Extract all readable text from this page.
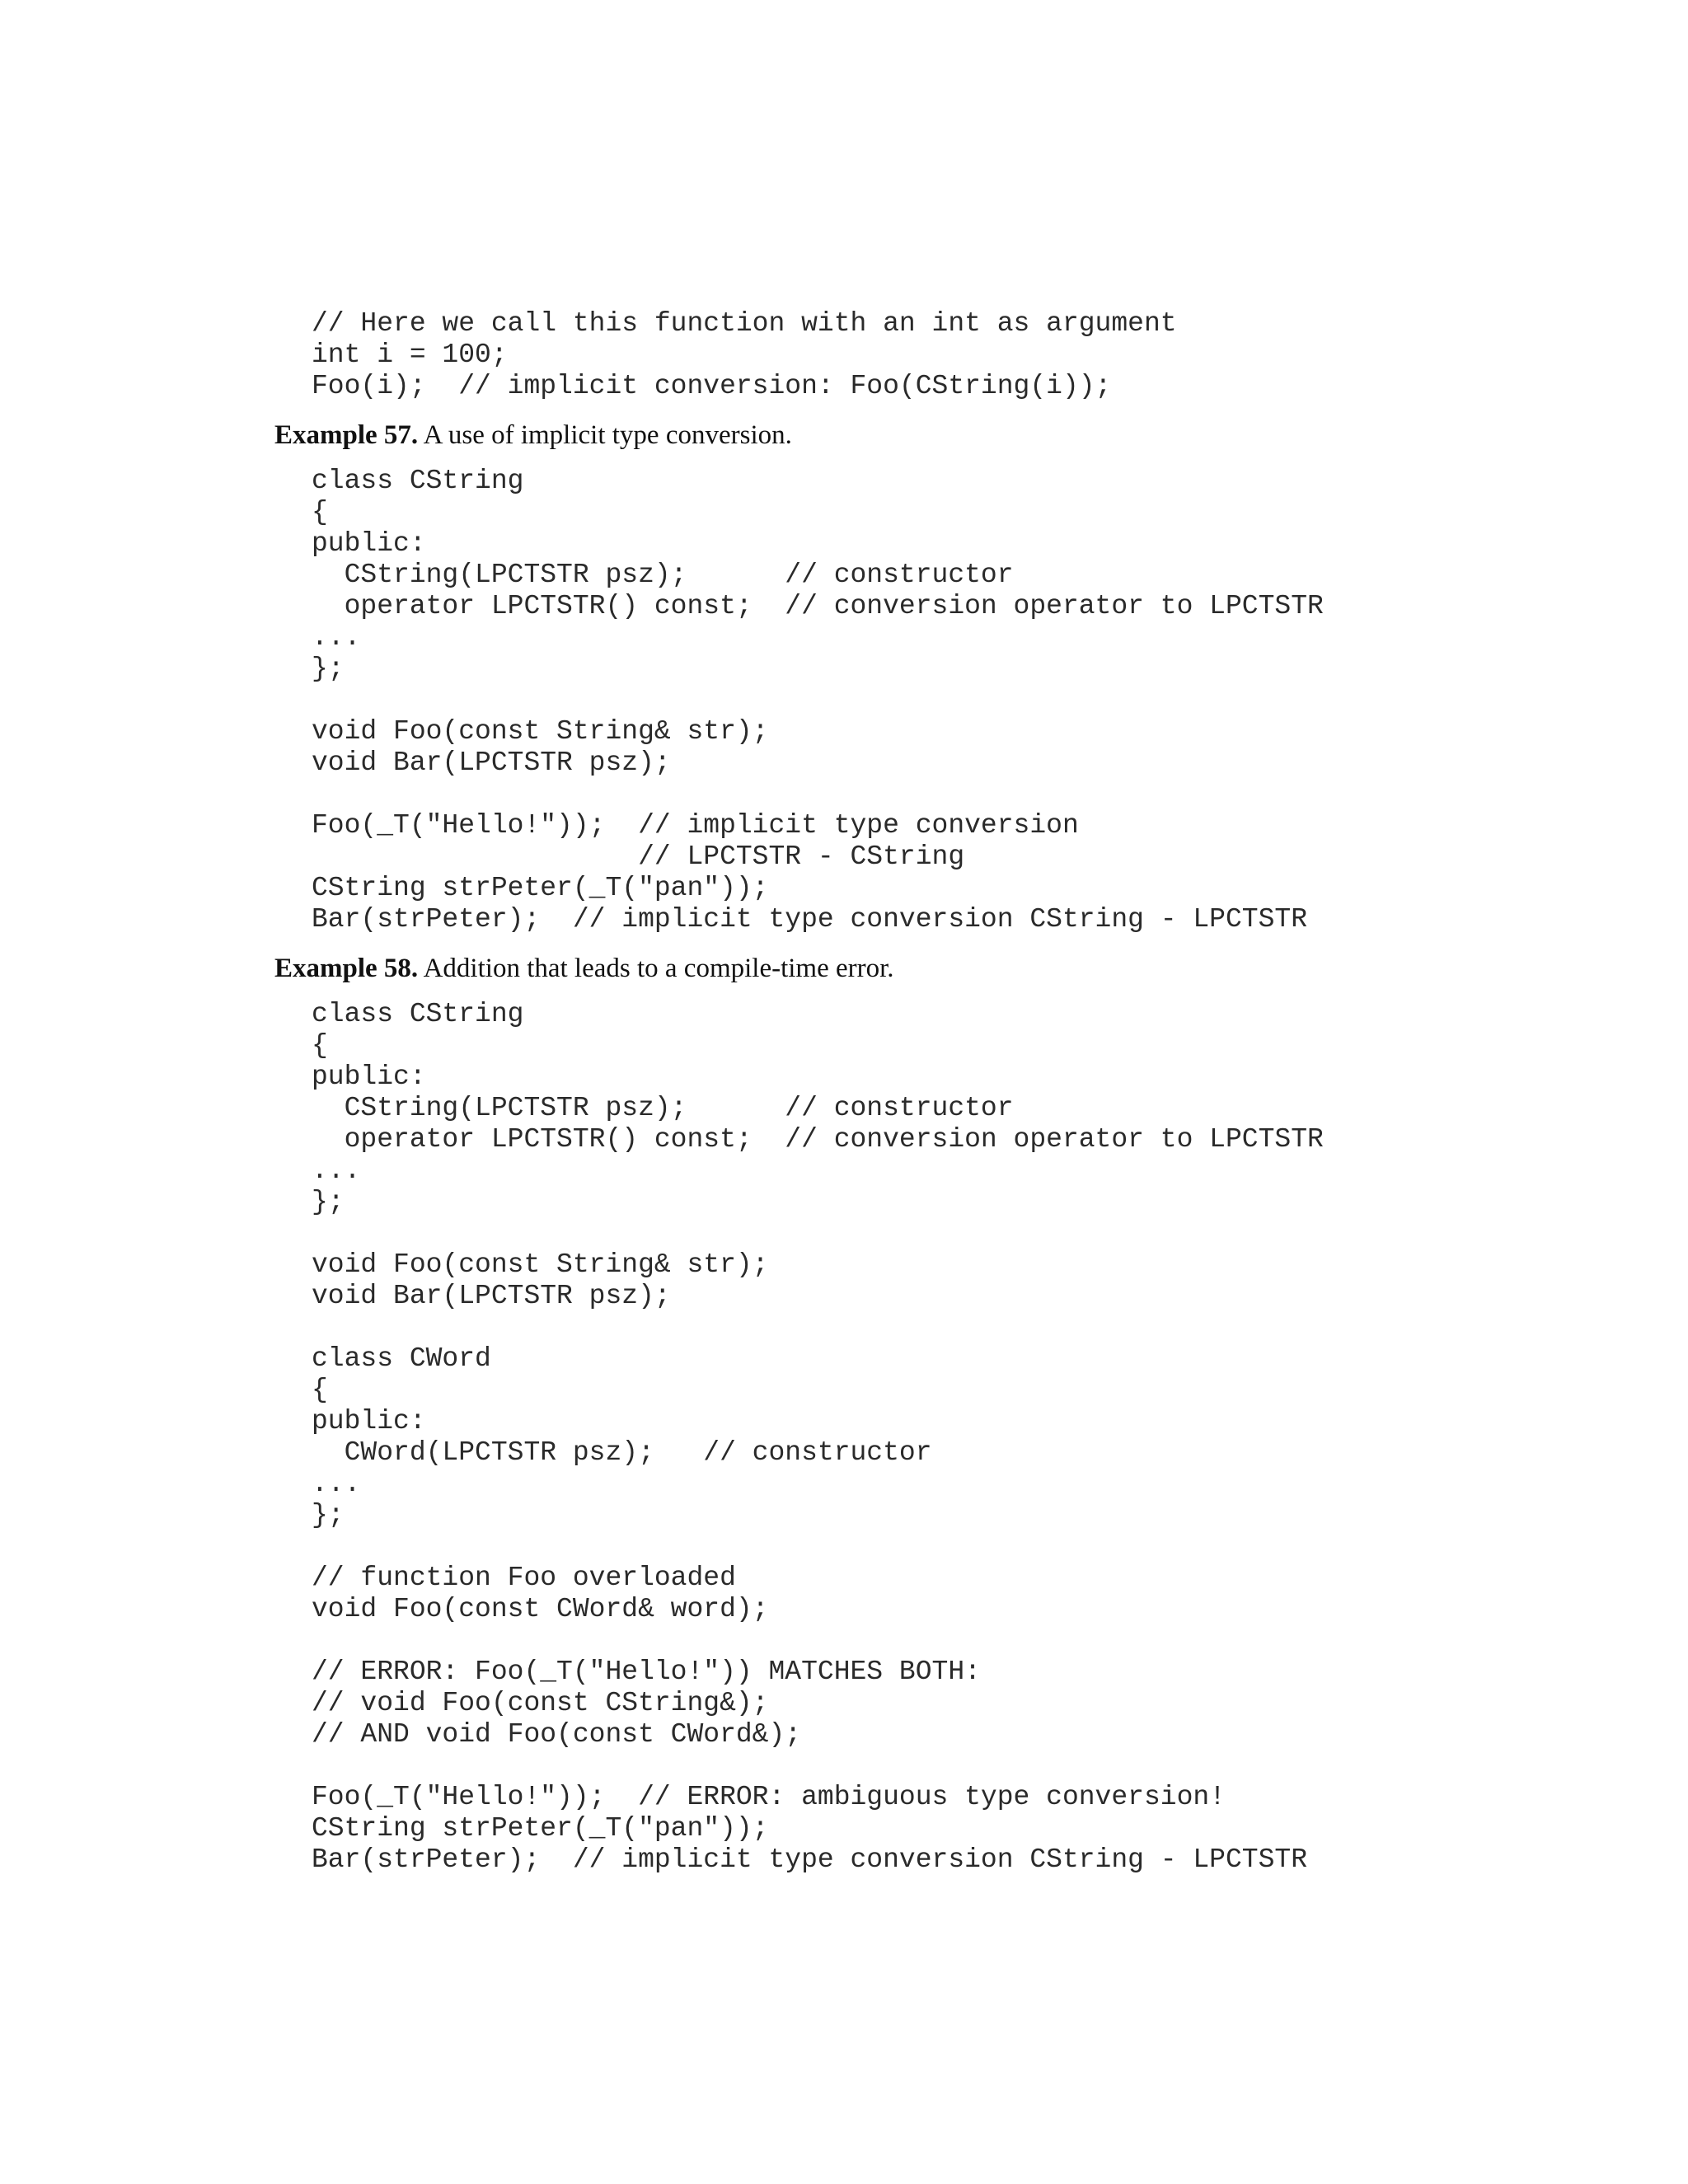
// Here we call this function with an int as argument
int i = 100;
Foo(i);  // implicit conversion: Foo(CString(i));
Example 57. A use of implicit type conversion.
class CString
{
public:
CString(LPCTSTR psz);      // constructor
operator LPCTSTR() const;  // conversion operator to LPCTSTR
...
};
void Foo(const String& str);
void Bar(LPCTSTR psz);
Foo(_T("Hello!"));  // implicit type conversion
// LPCTSTR - CString
CString strPeter(_T("pan"));
Bar(strPeter);  // implicit type conversion CString - LPCTSTR
Example 58. Addition that leads to a compile-time error.
class CString
{
public:
CString(LPCTSTR psz);      // constructor
operator LPCTSTR() const;  // conversion operator to LPCTSTR
...
};
void Foo(const String& str);
void Bar(LPCTSTR psz);
class CWord
{
public:
CWord(LPCTSTR psz);   // constructor
...
};
// function Foo overloaded
void Foo(const CWord& word);
// ERROR: Foo(_T("Hello!")) MATCHES BOTH:
// void Foo(const CString&);
// AND void Foo(const CWord&);
Foo(_T("Hello!"));  // ERROR: ambiguous type conversion!
CString strPeter(_T("pan"));
Bar(strPeter);  // implicit type conversion CString - LPCTSTR
